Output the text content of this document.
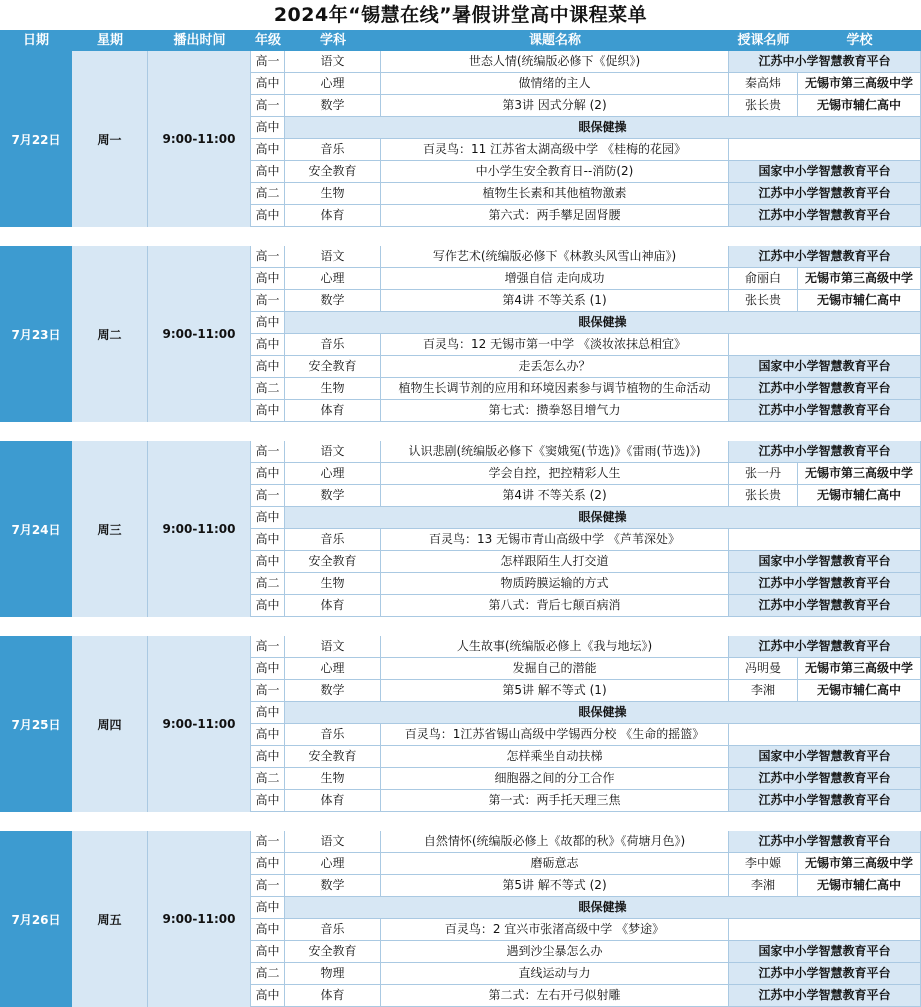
2024年“锡慧在线”暑假讲堂高中课程菜单
日期	星期	播出时间	年级	学科	课题名称	授课名师	学校
7月22日	周一	9:00-11:00
高一	语文	世态人情(统编版必修下《促织》)	江苏中小学智慧教育平台
高中	心理	做情绪的主人	秦高炜	无锡市第三高级中学
高一	数学	第3讲 因式分解 (2)	张长贵	无锡市辅仁高中
高中	眼保健操
高中	音乐	百灵鸟：11 江苏省太湖高级中学 《桂梅的花园》
高中	安全教育	中小学生安全教育日--消防(2)	国家中小学智慧教育平台
高二	生物	植物生长素和其他植物激素	江苏中小学智慧教育平台
高中	体育	第六式：两手攀足固肾腰	江苏中小学智慧教育平台
7月23日	周二	9:00-11:00
高一	语文	写作艺术(统编版必修下《林教头风雪山神庙》)	江苏中小学智慧教育平台
高中	心理	增强自信 走向成功	俞丽白	无锡市第三高级中学
高一	数学	第4讲 不等关系 (1)	张长贵	无锡市辅仁高中
高中	眼保健操
高中	音乐	百灵鸟：12 无锡市第一中学 《淡妆浓抹总相宜》
高中	安全教育	走丢怎么办？	国家中小学智慧教育平台
高二	生物	植物生长调节剂的应用和环境因素参与调节植物的生命活动	江苏中小学智慧教育平台
高中	体育	第七式：攒拳怒目增气力	江苏中小学智慧教育平台
7月24日	周三	9:00-11:00
高一	语文	认识悲剧(统编版必修下《窦娥冤(节选)》《雷雨(节选)》)	江苏中小学智慧教育平台
高中	心理	学会自控，把控精彩人生	张一丹	无锡市第三高级中学
高一	数学	第4讲 不等关系 (2)	张长贵	无锡市辅仁高中
高中	眼保健操
高中	音乐	百灵鸟：13 无锡市青山高级中学 《芦苇深处》
高中	安全教育	怎样跟陌生人打交道	国家中小学智慧教育平台
高二	生物	物质跨膜运输的方式	江苏中小学智慧教育平台
高中	体育	第八式：背后七颠百病消	江苏中小学智慧教育平台
7月25日	周四	9:00-11:00
高一	语文	人生故事(统编版必修上《我与地坛》)	江苏中小学智慧教育平台
高中	心理	发掘自己的潜能	冯明曼	无锡市第三高级中学
高一	数学	第5讲 解不等式 (1)	李湘	无锡市辅仁高中
高中	眼保健操
高中	音乐	百灵鸟：1江苏省锡山高级中学锡西分校 《生命的摇篮》
高中	安全教育	怎样乘坐自动扶梯	国家中小学智慧教育平台
高二	生物	细胞器之间的分工合作	江苏中小学智慧教育平台
高中	体育	第一式：两手托天理三焦	江苏中小学智慧教育平台
7月26日	周五	9:00-11:00
高一	语文	自然情怀(统编版必修上《故都的秋》《荷塘月色》)	江苏中小学智慧教育平台
高中	心理	磨砺意志	李中嫄	无锡市第三高级中学
高一	数学	第5讲 解不等式 (2)	李湘	无锡市辅仁高中
高中	眼保健操
高中	音乐	百灵鸟：2 宜兴市张渚高级中学 《梦途》
高中	安全教育	遇到沙尘暴怎么办	国家中小学智慧教育平台
高二	物理	直线运动与力	江苏中小学智慧教育平台
高中	体育	第二式：左右开弓似射雕	江苏中小学智慧教育平台
